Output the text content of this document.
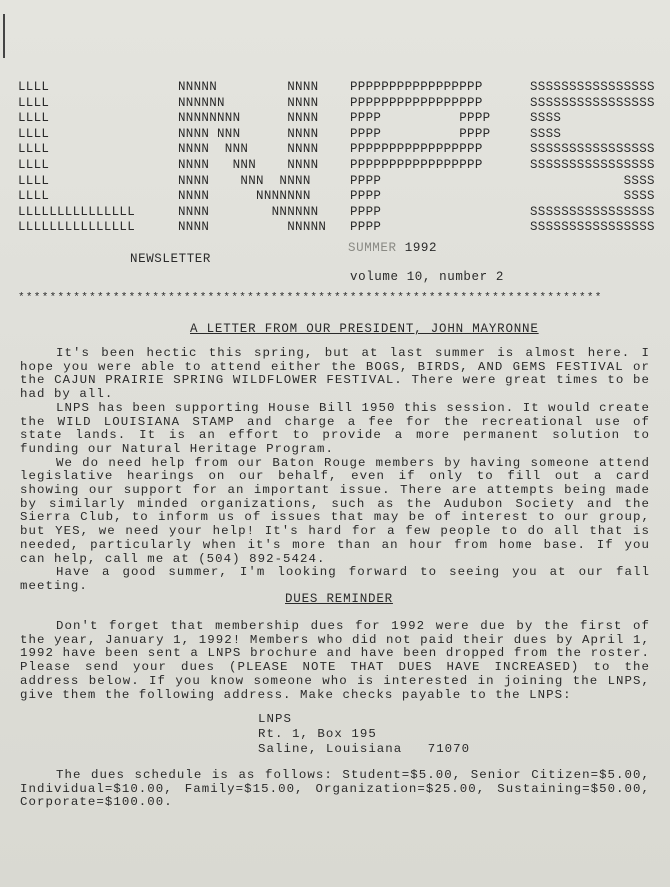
LLLL
LLLL
LLLL
LLLL
LLLL
LLLL
LLLL
LLLL
LLLLLLLLLLLLLLL
LLLLLLLLLLLLLLL
NNNNN         NNNN
NNNNNN        NNNN
NNNNNNNN      NNNN
NNNN NNN      NNNN
NNNN  NNN     NNNN
NNNN   NNN    NNNN
NNNN    NNN  NNNN
NNNN      NNNNNNN
NNNN        NNNNNN
NNNN          NNNNN
PPPPPPPPPPPPPPPPP
PPPPPPPPPPPPPPPPP
PPPP          PPPP
PPPP          PPPP
PPPPPPPPPPPPPPPPP
PPPPPPPPPPPPPPPPP
PPPP
PPPP
PPPP
PPPP
SSSSSSSSSSSSSSSS
SSSSSSSSSSSSSSSS
SSSS
SSSS
SSSSSSSSSSSSSSSS
SSSSSSSSSSSSSSSS
SSSS
SSSS
SSSSSSSSSSSSSSSS
SSSSSSSSSSSSSSSS
NEWSLETTER
SUMMER 1992
volume 10, number 2
**************************************************************************
A LETTER FROM OUR PRESIDENT, JOHN MAYRONNE
It's been hectic this spring, but at last summer is almost here. I hope you were able to attend either the BOGS, BIRDS, AND GEMS FESTIVAL or the CAJUN PRAIRIE SPRING WILDFLOWER FESTIVAL. There were great times to be had by all.
LNPS has been supporting House Bill 1950 this session. It would create the WILD LOUISIANA STAMP and charge a fee for the recreational use of state lands. It is an effort to provide a more permanent solution to funding our Natural Heritage Program.
We do need help from our Baton Rouge members by having someone attend legislative hearings on our behalf, even if only to fill out a card showing our support for an important issue. There are attempts being made by similarly minded organizations, such as the Audubon Society and the Sierra Club, to inform us of issues that may be of interest to our group, but YES, we need your help! It's hard for a few people to do all that is needed, particularly when it's more than an hour from home base. If you can help, call me at (504) 892-5424.
Have a good summer, I'm looking forward to seeing you at our fall meeting.
DUES REMINDER
Don't forget that membership dues for 1992 were due by the first of the year, January 1, 1992! Members who did not paid their dues by April 1, 1992 have been sent a LNPS brochure and have been dropped from the roster. Please send your dues (PLEASE NOTE THAT DUES HAVE INCREASED) to the address below. If you know someone who is interested in joining the LNPS, give them the following address. Make checks payable to the LNPS:
LNPS
Rt. 1, Box 195
Saline, Louisiana   71070
The dues schedule is as follows: Student=$5.00, Senior Citizen=$5.00, Individual=$10.00, Family=$15.00, Organization=$25.00, Sustaining=$50.00, Corporate=$100.00.
